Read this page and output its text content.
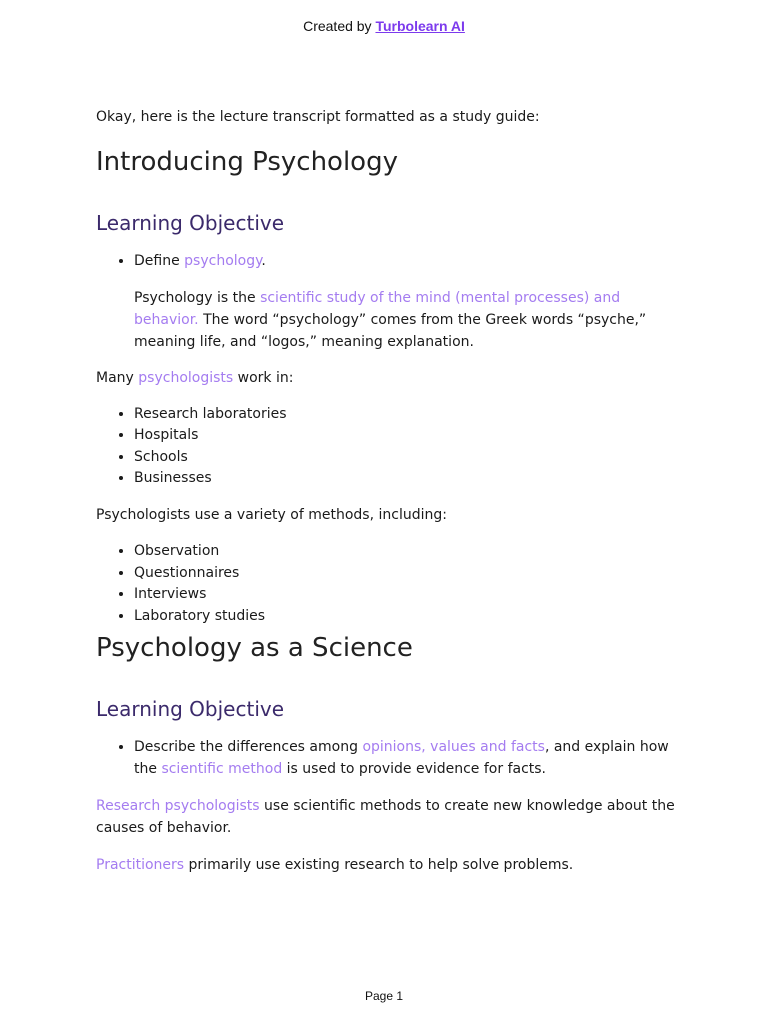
Created by Turbolearn AI

Okay, here is the lecture transcript formatted as a study guide:

Introducing Psychology
Learning Objective
• Define psychology.

Psychology is the scientific study of the mind (mental processes) and behavior. The word “psychology” comes from the Greek words “psyche,” meaning life, and “logos,” meaning explanation.

Many psychologists work in:

• Research laboratories
• Hospitals
• Schools
• Businesses

Psychologists use a variety of methods, including:

• Observation
• Questionnaires
• Interviews
• Laboratory studies
Psychology as a Science
Learning Objective
• Describe the differences among opinions, values and facts, and explain how the scientific method is used to provide evidence for facts.

Research psychologists use scientific methods to create new knowledge about the causes of behavior.

Practitioners primarily use existing research to help solve problems.

Page 1
